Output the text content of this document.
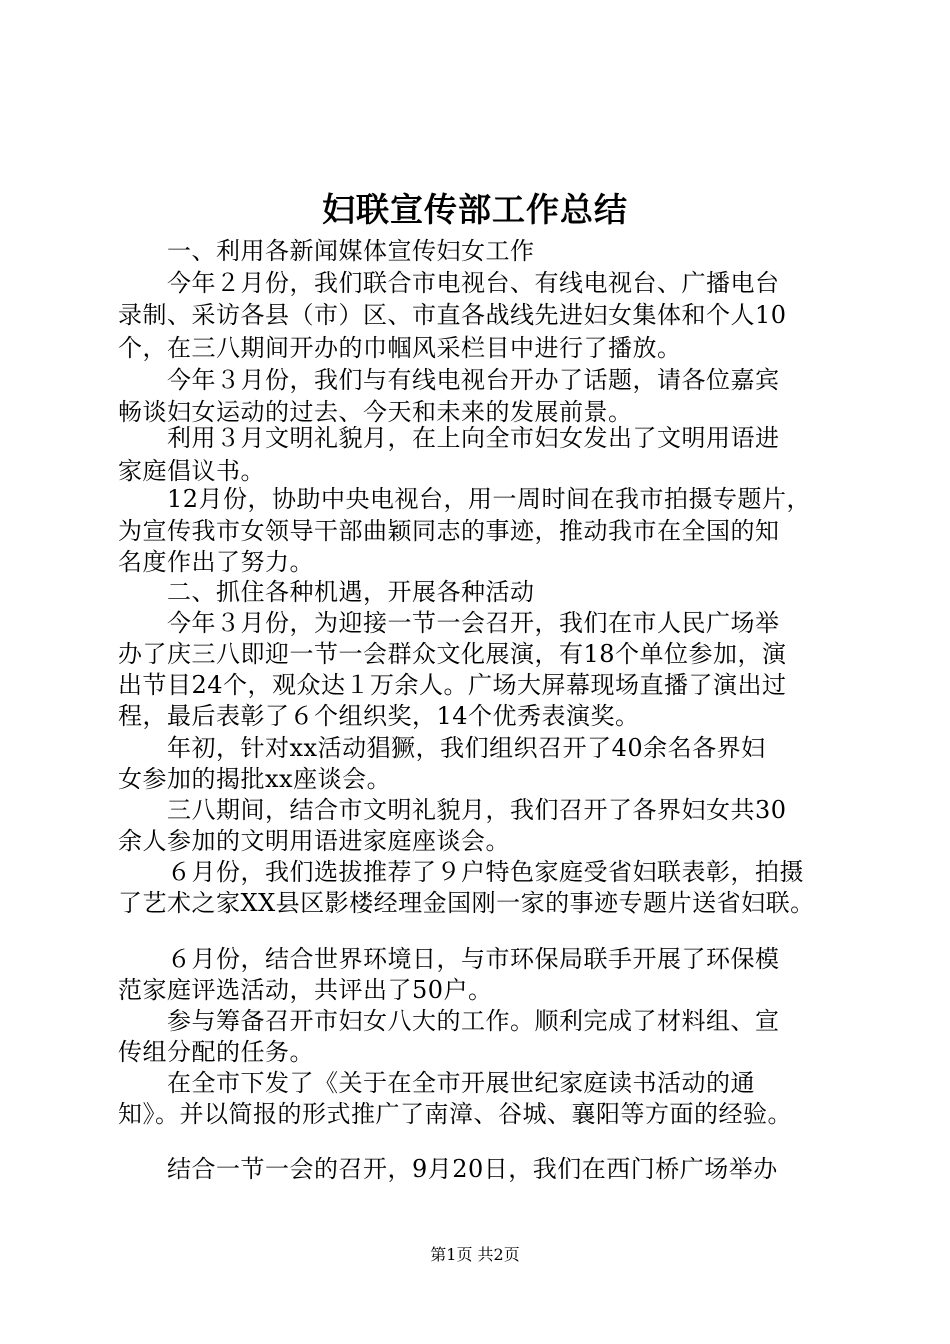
妇联宣传部工作总结

　　一、利用各新闻媒体宣传妇女工作

　　今年２月份，我们联合市电视台、有线电视台、广播电台

录制、采访各县（市）区、市直各战线先进妇女集体和个人10

个，在三八期间开办的巾帼风采栏目中进行了播放。

　　今年３月份，我们与有线电视台开办了话题，请各位嘉宾

畅谈妇女运动的过去、今天和未来的发展前景。

　　利用３月文明礼貌月，在上向全市妇女发出了文明用语进

家庭倡议书。

　　12月份，协助中央电视台，用一周时间在我市拍摄专题片，

为宣传我市女领导干部曲颖同志的事迹，推动我市在全国的知

名度作出了努力。

　　二、抓住各种机遇，开展各种活动

　　今年３月份，为迎接一节一会召开，我们在市人民广场举

办了庆三八即迎一节一会群众文化展演，有18个单位参加，演

出节目24个，观众达１万余人。广场大屏幕现场直播了演出过

程，最后表彰了６个组织奖，14个优秀表演奖。

　　年初，针对xx活动猖獗，我们组织召开了40余名各界妇

女参加的揭批xx座谈会。

　　三八期间，结合市文明礼貌月，我们召开了各界妇女共30

余人参加的文明用语进家庭座谈会。

　　６月份，我们选拔推荐了９户特色家庭受省妇联表彰，拍摄

了艺术之家XX县区影楼经理金国刚一家的事迹专题片送省妇联。

　　６月份，结合世界环境日，与市环保局联手开展了环保模

范家庭评选活动，共评出了50户。

　　参与筹备召开市妇女八大的工作。顺利完成了材料组、宣

传组分配的任务。

　　在全市下发了《关于在全市开展世纪家庭读书活动的通

知》。并以简报的形式推广了南漳、谷城、襄阳等方面的经验。

　　结合一节一会的召开，9月20日，我们在西门桥广场举办

第1页 共2页
